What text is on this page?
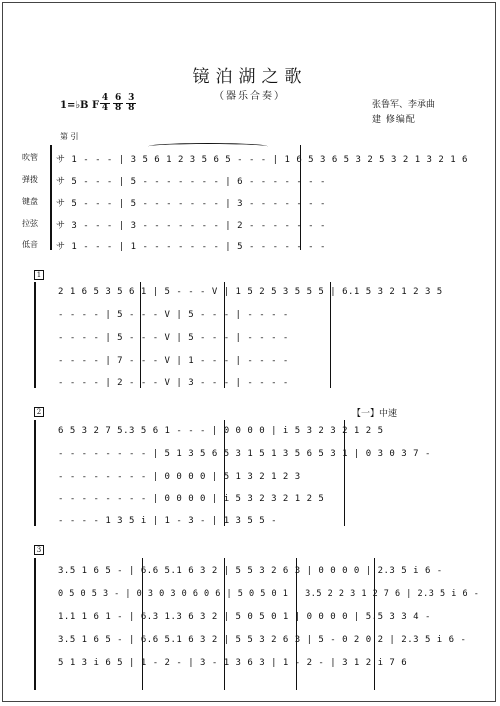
镜泊湖之歌
（器乐合奏）
1=♭B F $\frac{4}{4} \frac{6}{8} \frac{3}{8}$	张鲁军、李承曲
建 修编配
第 引
吹管
弹拨
键盘
拉弦
低音
サ 1 - - - | 3 5 6 1 2 3 5 6 5 - - - | 1 6 5 3 6 5 3 2 5 3 2 1 3 2 1 6
サ 5 - - - | 5 - - - - - - - | 6 - - - - - - -
サ 5 - - - | 5 - - - - - - - | 3 - - - - - - -
サ 3 - - - | 3 - - - - - - - | 2 - - - - - - -
サ 1 - - - | 1 - - - - - - - | 5 - - - - - - -
1
2 1 6 5 3 5 6 1 | 5 - - - V | 1 5 2 5 3 5 5 5 | 6.1 5 3 2 1 2 3 5
- - - - | 5 - - - V | 5 - - - | - - - -
- - - - | 5 - - - V | 5 - - - | - - - -
- - - - | 7 - - - V | 1 - - - | - - - -
- - - - | 2 - - - V | 3 - - - | - - - -
2	【一】中速
6 5 3 2 7 5.3 5 6 1 - - - | 0 0 0 0 | i 5 3 2 3 2 1 2 5
- - - - - - - - | 5 1 3 5 6 5 3 1 5 1 3 5 6 5 3 1 | 0 3 0 3 7 -
- - - - - - - - | 0 0 0 0 | 5 1 3 2 1 2 3
- - - - - - - - | 0 0 0 0 | i 5 3 2 3 2 1 2 5
- - - - 1 3 5 i | 1 - 3 - | 1 3 5 5 -
3
3.5 1 6 5 - | 6.6 5.1 6 3 2 | 5 5 3 2 6 3 | 0 0 0 0 | 2.3 5 i 6 -
0 5 0 5 3 - | 0 3 0 3 0 6 0 6 | 5 0 5 0 1 | 3.5 2 2 3 1 2 7 6 | 2.3 5 i 6 -
1.1 1 6 1 - | 6.3 1.3 6 3 2 | 5 0 5 0 1 | 0 0 0 0 | 5.5 3 3 4 -
3.5 1 6 5 - | 6.6 5.1 6 3 2 | 5 5 3 2 6 3 | 5 - 0 2 0 2 | 2.3 5 i 6 -
5 1 3 i 6 5 | 1 - 2 - | 3 - 1 3 6 3 | 1 - 2 - | 3 1 2 i 7 6
